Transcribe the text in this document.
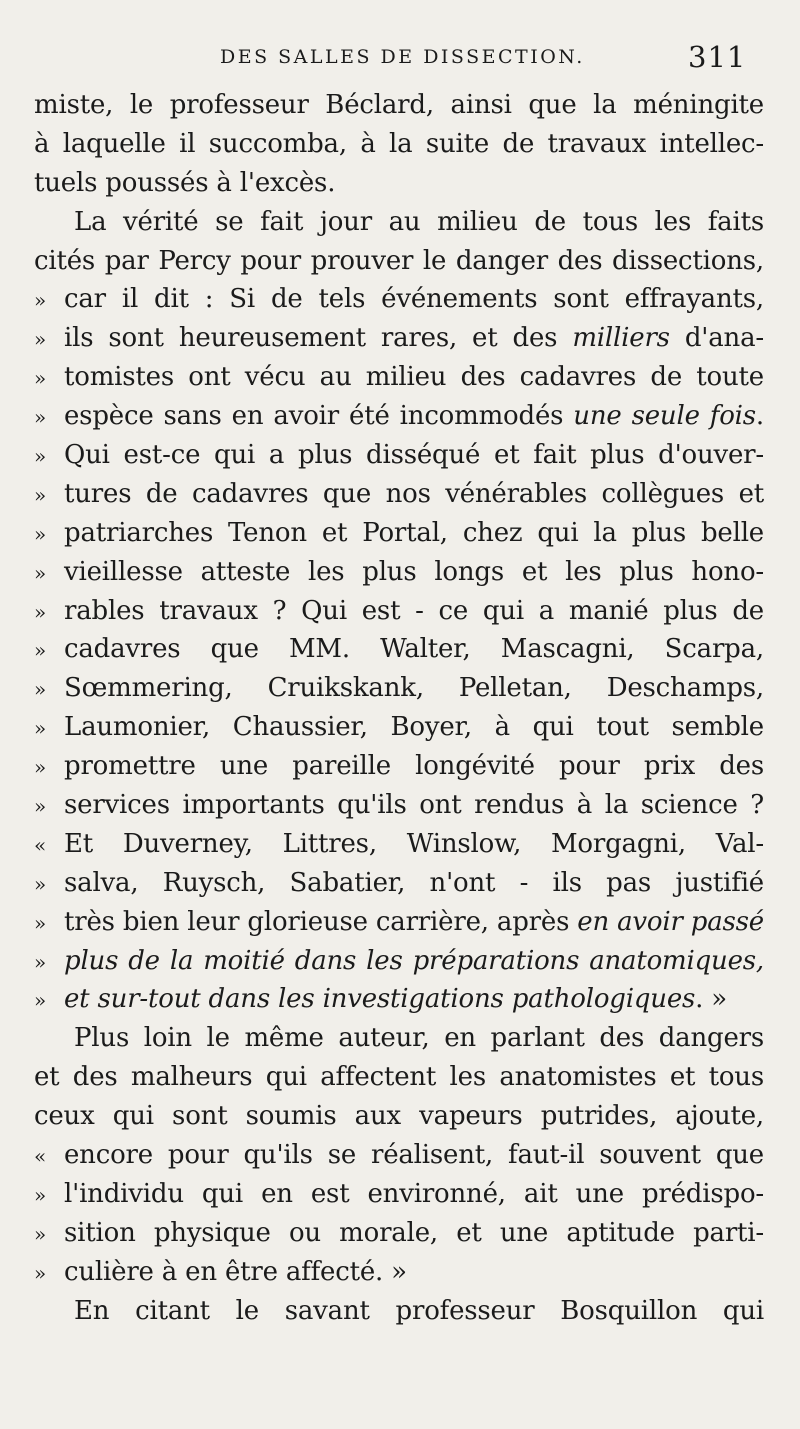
DES SALLES DE DISSECTION.	311
miste, le professeur Béclard, ainsi que la méningite
à laquelle il succomba, à la suite de travaux intellec-
tuels poussés à l'excès.
La vérité se fait jour au milieu de tous les faits
cités par Percy pour prouver le danger des dissections,
» car il dit : Si de tels événements sont effrayants,
» ils sont heureusement rares, et des milliers d'ana-
» tomistes ont vécu au milieu des cadavres de toute
» espèce sans en avoir été incommodés une seule fois.
» Qui est-ce qui a plus disséqué et fait plus d'ouver-
» tures de cadavres que nos vénérables collègues et
» patriarches Tenon et Portal, chez qui la plus belle
» vieillesse atteste les plus longs et les plus hono-
» rables travaux ? Qui est - ce qui a manié plus de
» cadavres que MM. Walter, Mascagni, Scarpa,
» Sœmmering, Cruikskank, Pelletan, Deschamps,
» Laumonier, Chaussier, Boyer, à qui tout semble
» promettre une pareille longévité pour prix des
» services importants qu'ils ont rendus à la science ?
« Et Duverney, Littres, Winslow, Morgagni, Val-
» salva, Ruysch, Sabatier, n'ont - ils pas justifié
» très bien leur glorieuse carrière, après en avoir passé
» plus de la moitié dans les préparations anatomiques,
» et sur-tout dans les investigations pathologiques. »
Plus loin le même auteur, en parlant des dangers
et des malheurs qui affectent les anatomistes et tous
ceux qui sont soumis aux vapeurs putrides, ajoute,
« encore pour qu'ils se réalisent, faut-il souvent que
» l'individu qui en est environné, ait une prédispo-
» sition physique ou morale, et une aptitude parti-
» culière à en être affecté. »
En citant le savant professeur Bosquillon qui
